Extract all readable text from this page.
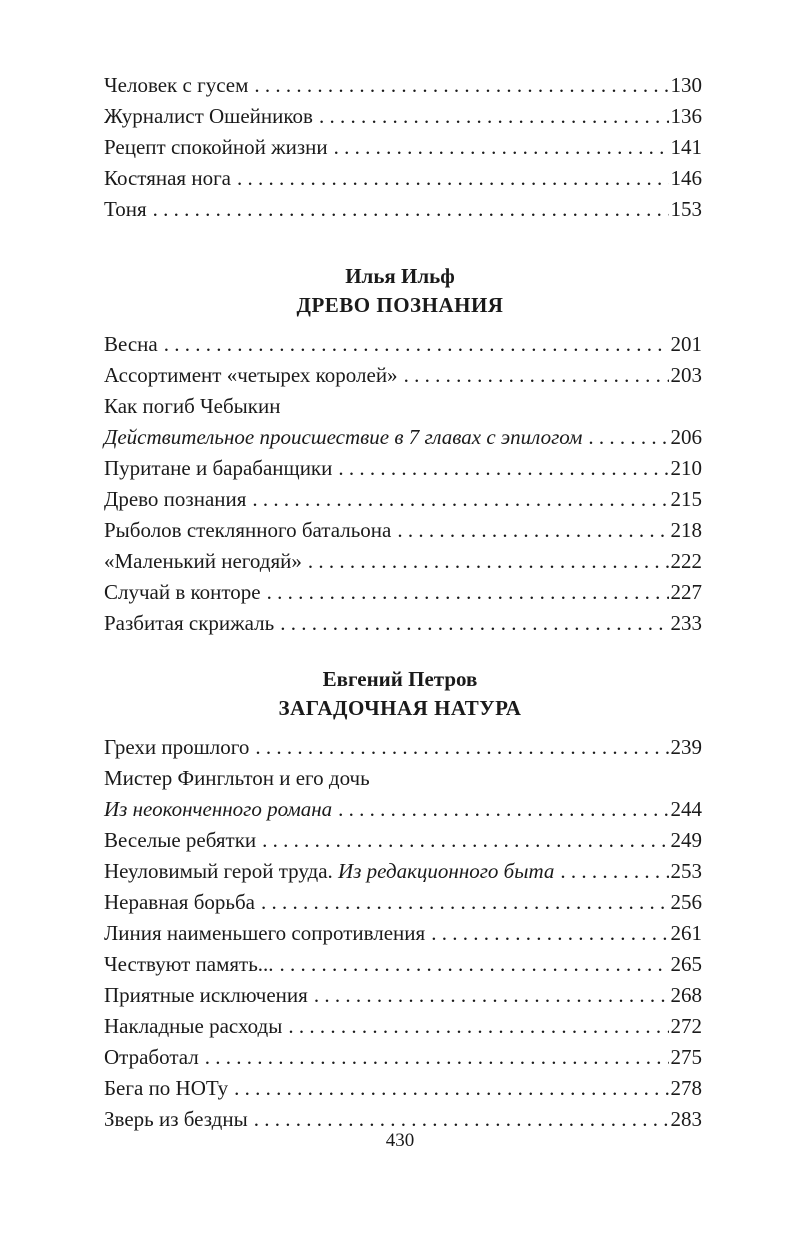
Человек с гусем . . .	130
Журналист Ошейников . . .	136
Рецепт спокойной жизни . . .	141
Костяная нога . . .	146
Тоня . . .	153
Илья Ильф
ДРЕВО ПОЗНАНИЯ
Весна . . .	201
Ассортимент «четырех королей» . . .	203
Как погиб Чебыкин
Действительное происшествие в 7 главах с эпилогом . . .	206
Пуритане и барабанщики . . .	210
Древо познания . . .	215
Рыболов стеклянного батальона . . .	218
«Маленький негодяй» . . .	222
Случай в конторе . . .	227
Разбитая скрижаль . . .	233
Евгений Петров
ЗАГАДОЧНАЯ НАТУРА
Грехи прошлого . . .	239
Мистер Фингльтон и его дочь
Из неоконченного романа . . .	244
Веселые ребятки . . .	249
Неуловимый герой труда. Из редакционного быта . . .	253
Неравная борьба . . .	256
Линия наименьшего сопротивления . . .	261
Чествуют память... . . .	265
Приятные исключения . . .	268
Накладные расходы . . .	272
Отработал . . .	275
Бега по НОТу . . .	278
Зверь из бездны . . .	283
430
